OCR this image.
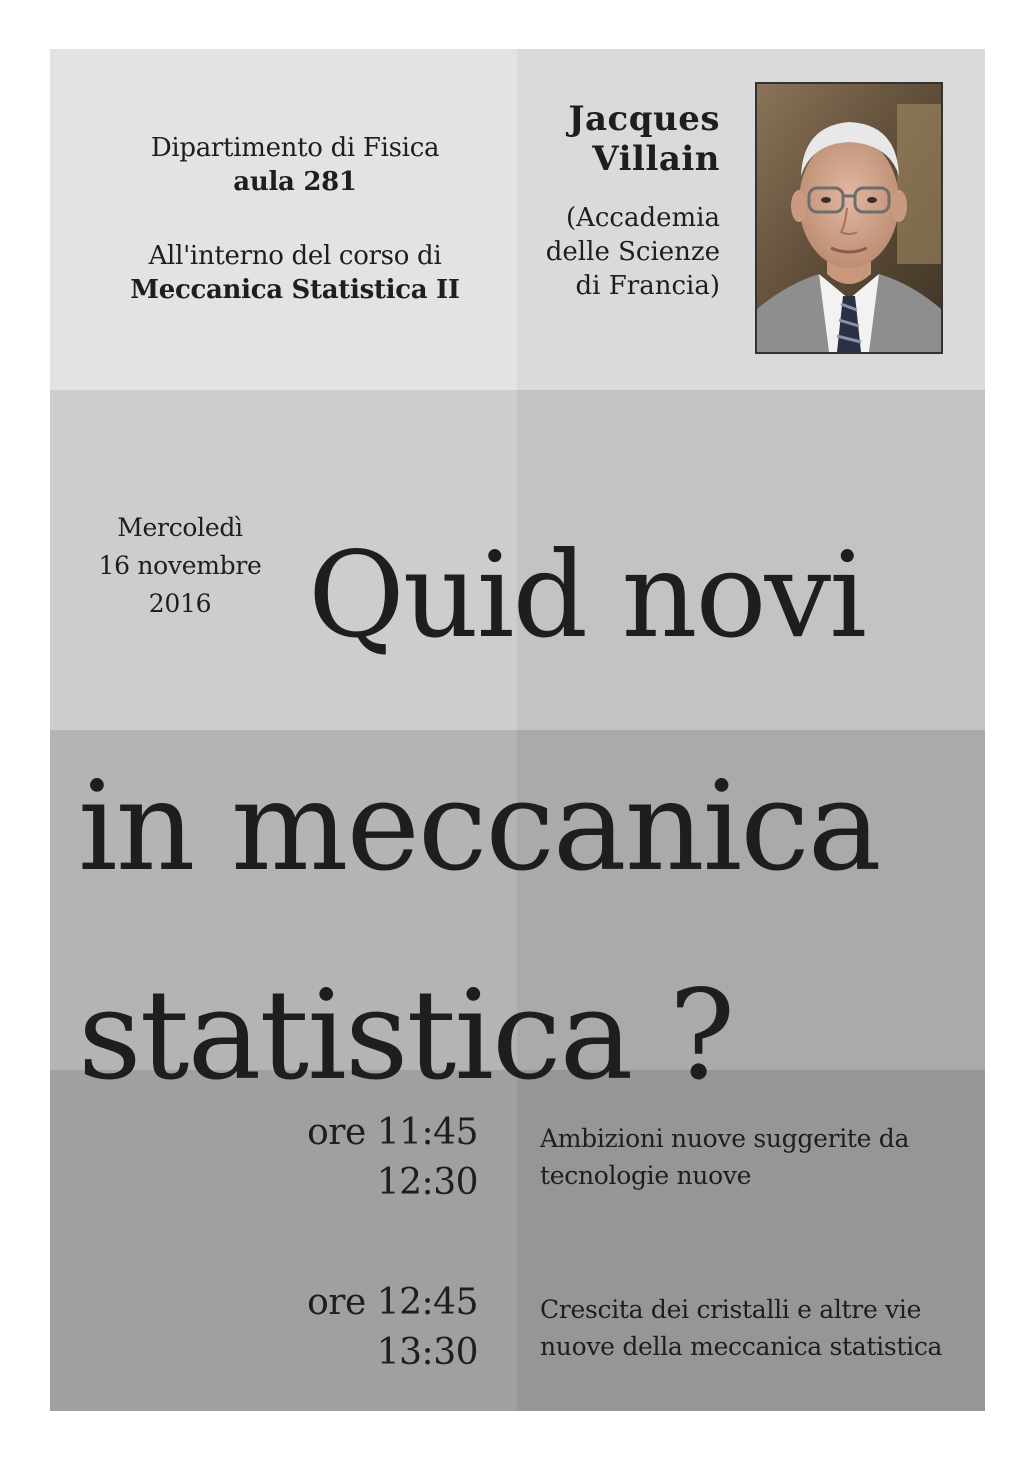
Dipartimento di Fisica
aula 281
All'interno del corso di
Meccanica Statistica II
Jacques
Villain
(Accademia
delle Scienze
di Francia)
Mercoledì
16 novembre
2016 Quid novi
in meccanica
statistica ?
ore 11:45
12:30
Ambizioni nuove suggerite da
tecnologie nuove
ore 12:45
13:30
Crescita dei cristalli e altre vie
nuove della meccanica statistica
